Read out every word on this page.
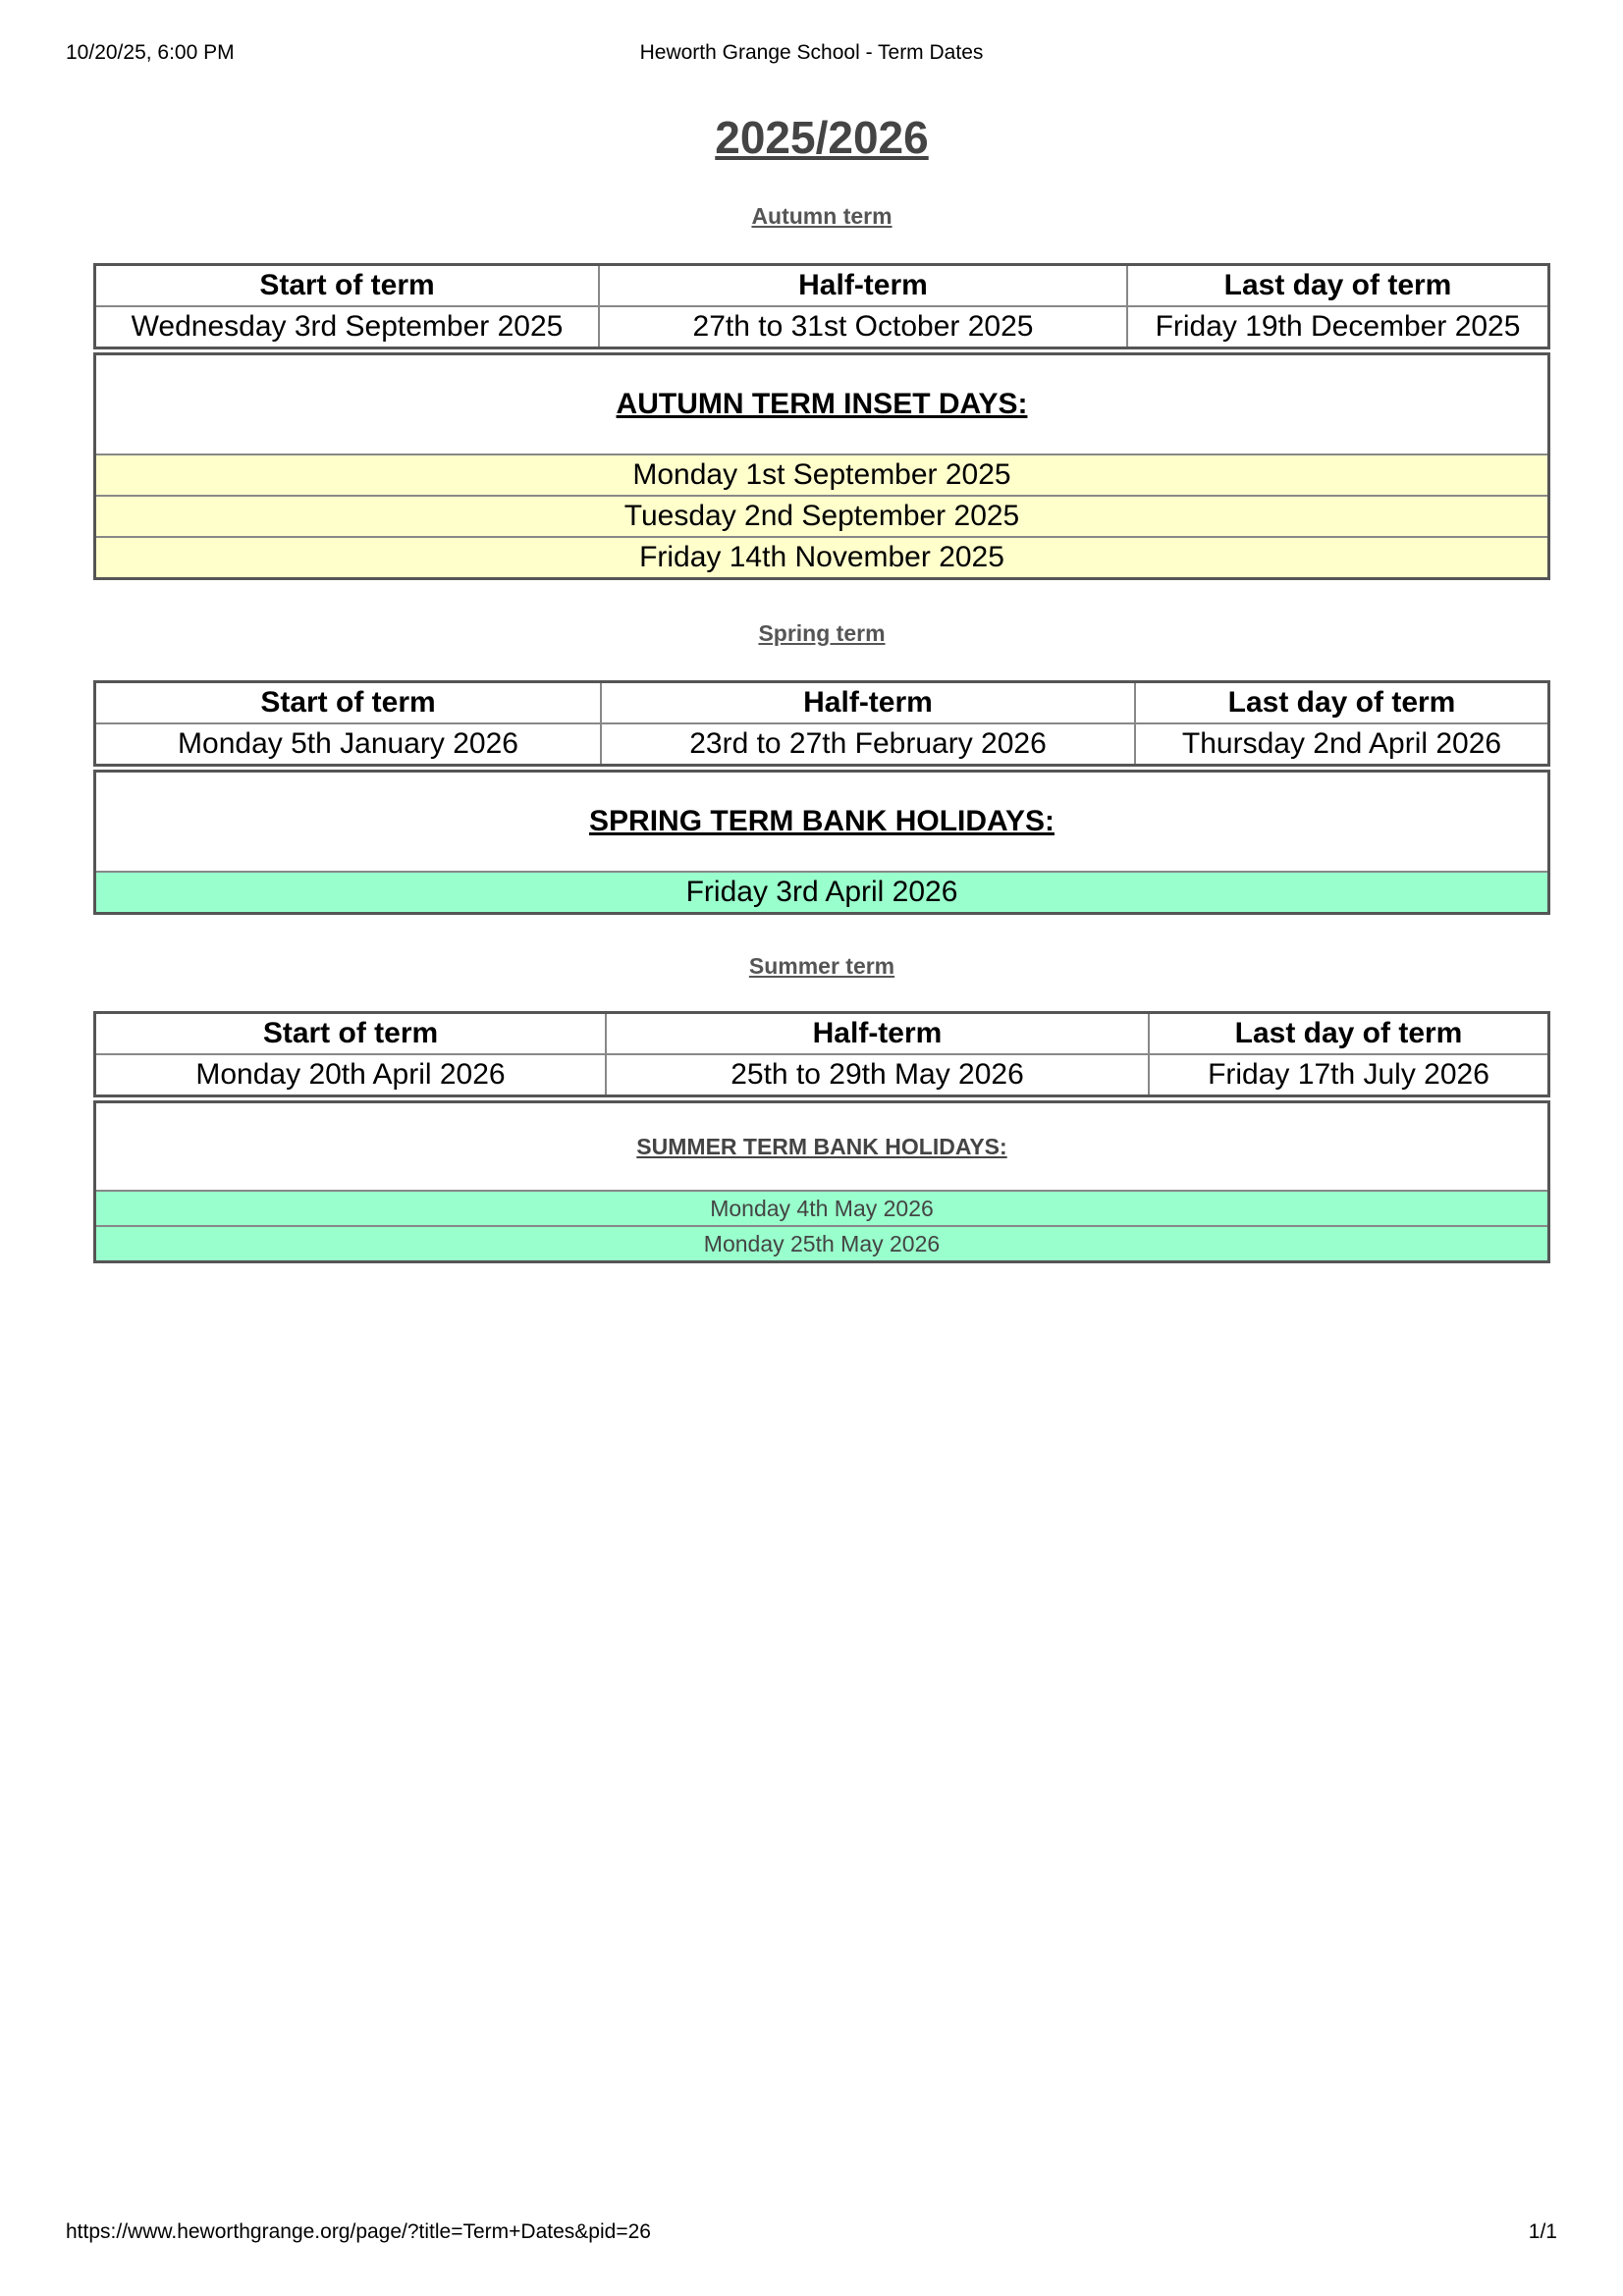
10/20/25, 6:00 PM	Heworth Grange School - Term Dates
2025/2026

Autumn term

Start of term	Half-term	Last day of term
Wednesday 3rd September 2025	27th to 31st October 2025	Friday 19th December 2025
AUTUMN TERM INSET DAYS:
Monday 1st September 2025
Tuesday 2nd September 2025
Friday 14th November 2025

Spring term

Start of term	Half-term	Last day of term
Monday 5th January 2026	23rd to 27th February 2026	Thursday 2nd April 2026
SPRING TERM BANK HOLIDAYS:
Friday 3rd April 2026

Summer term

Start of term	Half-term	Last day of term
Monday 20th April 2026	25th to 29th May 2026	Friday 17th July 2026
SUMMER TERM BANK HOLIDAYS:
Monday 4th May 2026
Monday 25th May 2026
https://www.heworthgrange.org/page/?title=Term+Dates&pid=26	1/1
